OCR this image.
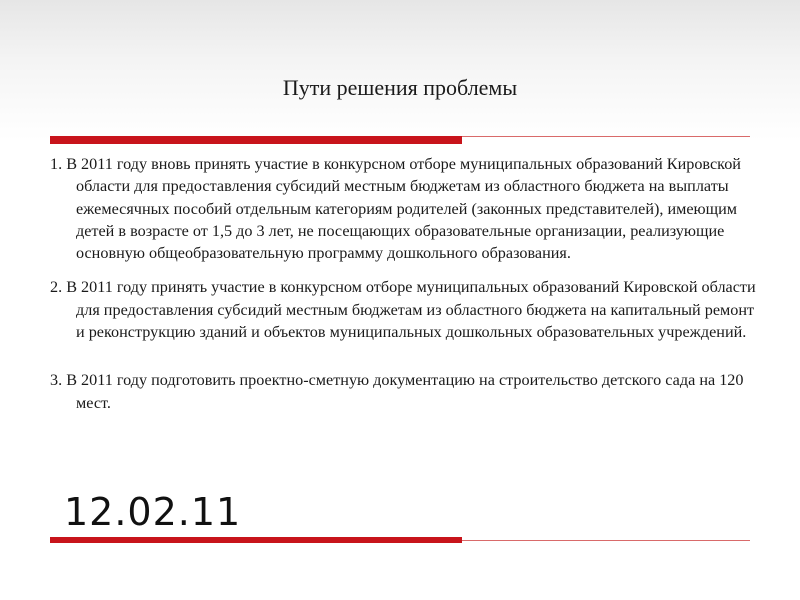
Пути решения проблемы

1. В 2011 году вновь принять участие в конкурсном отборе муниципальных образований Кировской области для предоставления субсидий местным бюджетам из областного бюджета на выплаты ежемесячных пособий отдельным категориям родителей (законных представителей), имеющим детей в возрасте от 1,5 до 3 лет, не посещающих образовательные организации, реализующие основную общеобразовательную программу дошкольного образования.

2. В 2011 году принять участие в конкурсном отборе муниципальных образований Кировской области для предоставления субсидий местным бюджетам из областного бюджета на капитальный ремонт и реконструкцию зданий и объектов муниципальных дошкольных образовательных учреждений.

3. В 2011 году подготовить проектно-сметную документацию на строительство детского сада на 120 мест.

12.02.11
